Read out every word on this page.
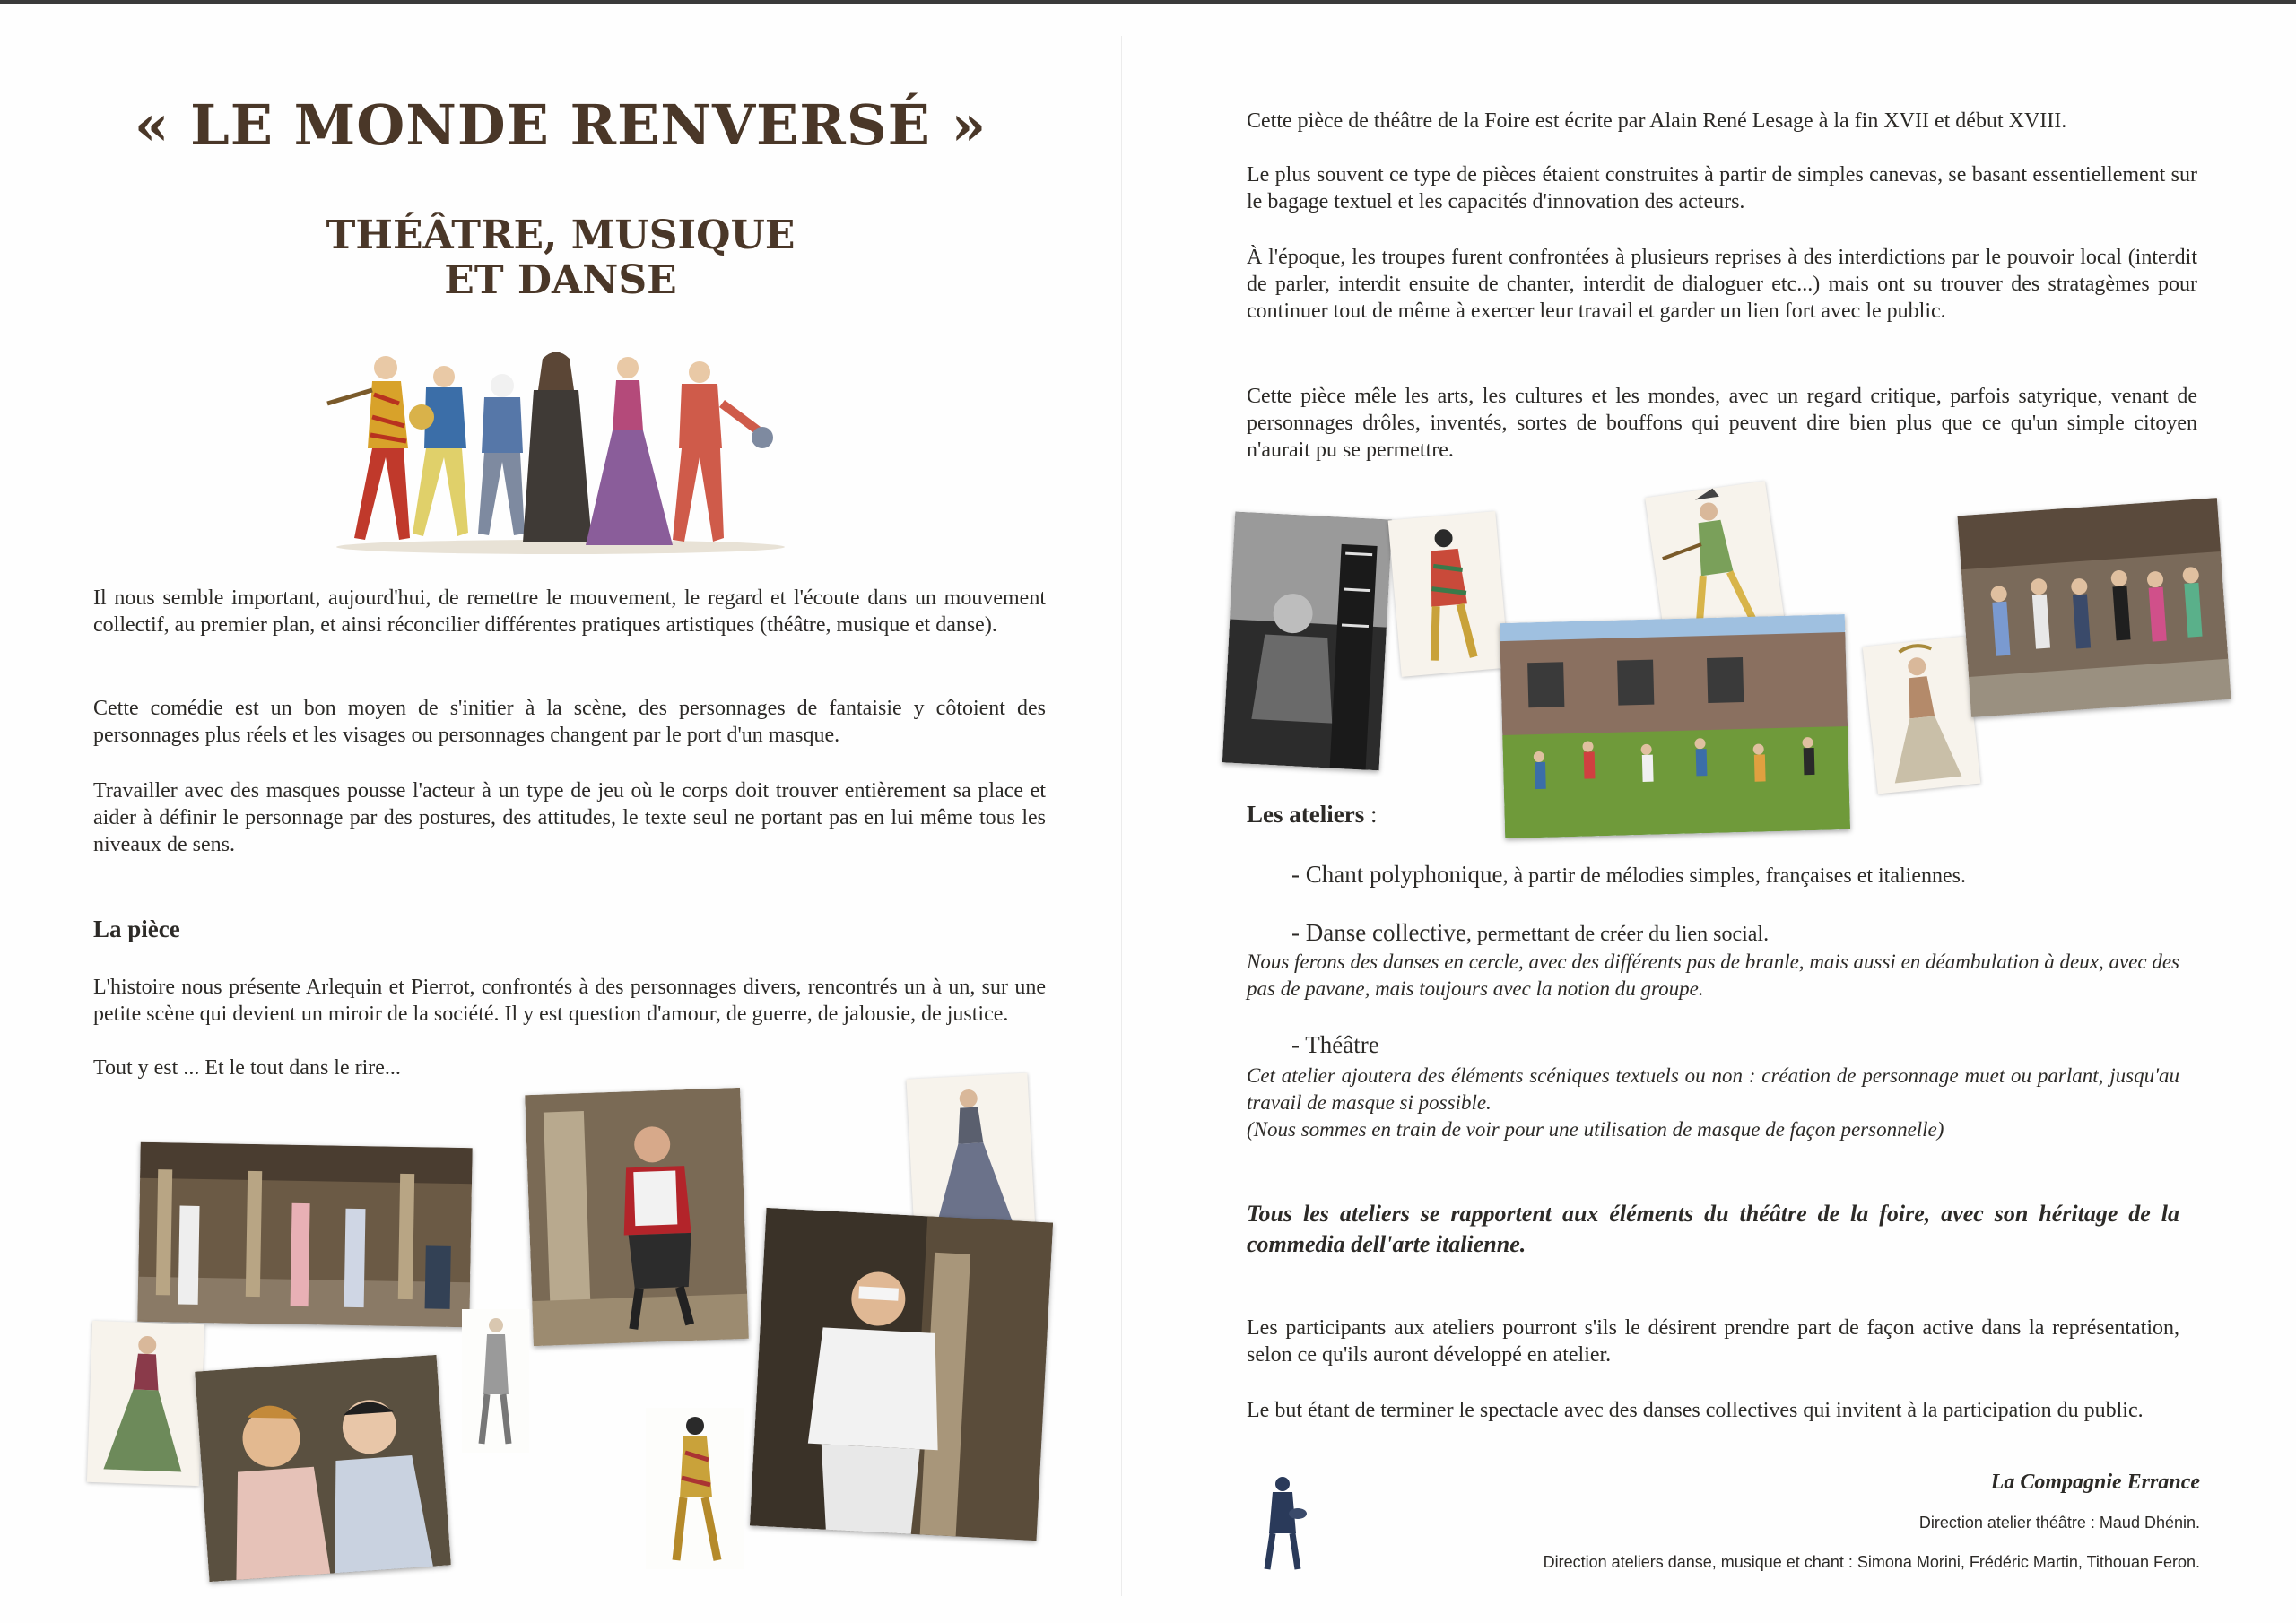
« LE MONDE RENVERSÉ »
THÉÂTRE, MUSIQUE
ET DANSE

Il nous semble important, aujourd'hui, de remettre le mouvement, le regard et l'écoute dans un mouvement collectif, au premier plan, et ainsi réconcilier différentes pratiques artistiques (théâtre, musique et danse).

Cette comédie est un bon moyen de s'initier à la scène, des personnages de fantaisie y côtoient des personnages plus réels et les visages ou personnages changent par le port d'un masque.

Travailler avec des masques pousse l'acteur à un type de jeu où le corps doit trouver entièrement sa place et aider à définir le personnage par des postures, des attitudes, le texte seul ne portant pas en lui même tous les niveaux de sens.

La pièce

L'histoire nous présente Arlequin et Pierrot, confrontés à des personnages divers, rencontrés un à un, sur une petite scène qui devient un miroir de la société. Il y est question d'amour, de guerre, de jalousie, de justice.

Tout y est ... Et le tout dans le rire...

Cette pièce de théâtre de la Foire est écrite par Alain René Lesage à la fin XVII et début XVIII.

Le plus souvent ce type de pièces étaient construites à partir de simples canevas, se basant essentiellement sur le bagage textuel et les capacités d'innovation des acteurs.

À l'époque, les troupes furent confrontées à plusieurs reprises à des interdictions par le pouvoir local (interdit de parler, interdit ensuite de chanter, interdit de dialoguer etc...) mais ont su trouver des stratagèmes pour continuer tout de même à exercer leur travail et garder un lien fort avec le public.

Cette pièce mêle les arts, les cultures et les mondes, avec un regard critique, parfois satyrique, venant de personnages drôles, inventés, sortes de bouffons qui peuvent dire bien plus que ce qu'un simple citoyen n'aurait pu se permettre.

Les ateliers :

- Chant polyphonique, à partir de mélodies simples, françaises et italiennes.

- Danse collective, permettant de créer du lien social.

Nous ferons des danses en cercle, avec des différents pas de branle, mais aussi en déambulation à deux, avec des pas de pavane, mais toujours avec la notion du groupe.

- Théâtre

Cet atelier ajoutera des éléments scéniques textuels ou non : création de personnage muet ou parlant, jusqu'au travail de masque si possible.

(Nous sommes en train de voir pour une utilisation de masque de façon personnelle)

Tous les ateliers se rapportent aux éléments du théâtre de la foire, avec son héritage de la commedia dell'arte italienne.

Les participants aux ateliers pourront s'ils le désirent prendre part de façon active dans la représentation, selon ce qu'ils auront développé en atelier.

Le but étant de terminer le spectacle avec des danses collectives qui invitent à la participation du public.

La Compagnie Errance

Direction atelier théâtre : Maud Dhénin.

Direction ateliers danse, musique et chant : Simona Morini, Frédéric Martin, Tithouan Feron.
